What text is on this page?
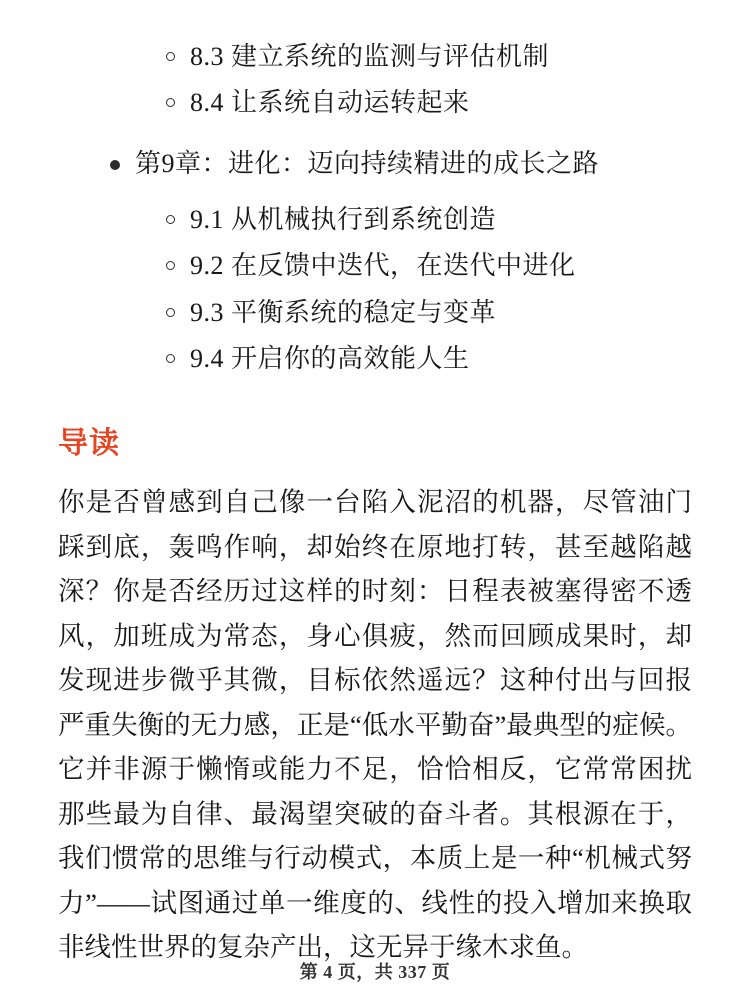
8.3 建立系统的监测与评估机制
8.4 让系统自动运转起来
第9章：进化：迈向持续精进的成长之路
9.1 从机械执行到系统创造
9.2 在反馈中迭代，在迭代中进化
9.3 平衡系统的稳定与变革
9.4 开启你的高效能人生
导读

你是否曾感到自己像一台陷入泥沼的机器，尽管油门踩到底，轰鸣作响，却始终在原地打转，甚至越陷越深？你是否经历过这样的时刻：日程表被塞得密不透风，加班成为常态，身心俱疲，然而回顾成果时，却发现进步微乎其微，目标依然遥远？这种付出与回报严重失衡的无力感，正是“低水平勤奋”最典型的症候。它并非源于懒惰或能力不足，恰恰相反，它常常困扰那些最为自律、最渴望突破的奋斗者。其根源在于，我们惯常的思维与行动模式，本质上是一种“机械式努力”——试图通过单一维度的、线性的投入增加来换取非线性世界的复杂产出，这无异于缘木求鱼。

第 4 页，共 337 页
